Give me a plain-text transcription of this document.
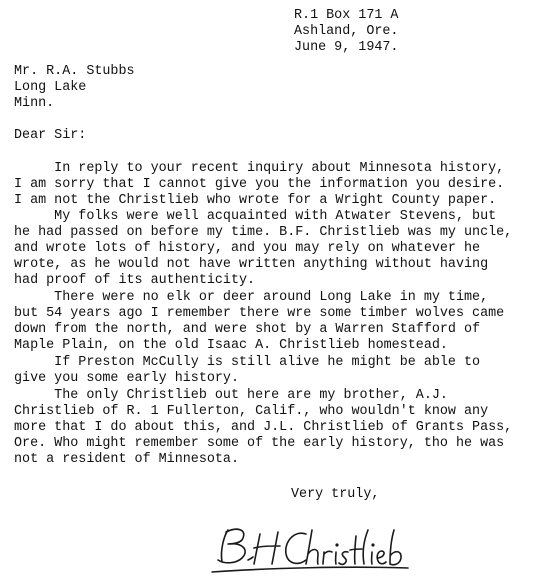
R.1 Box 171 A
Ashland, Ore.
June 9, 1947.
Mr. R.A. Stubbs
Long Lake
Minn.
Dear Sir:
In reply to your recent inquiry about Minnesota history,
I am sorry that I cannot give you the information you desire.
I am not the Christlieb who wrote for a Wright County paper.
My folks were well acquainted with Atwater Stevens, but
he had passed on before my time. B.F. Christlieb was my uncle,
and wrote lots of history, and you may rely on whatever he
wrote, as he would not have written anything without having
had proof of its authenticity.
There were no elk or deer around Long Lake in my time,
but 54 years ago I remember there wre some timber wolves came
down from the north, and were shot by a Warren Stafford of
Maple Plain, on the old Isaac A. Christlieb homestead.
If Preston McCully is still alive he might be able to
give you some early history.
The only Christlieb out here are my brother, A.J.
Christlieb of R. 1 Fullerton, Calif., who wouldn't know any
more that I do about this, and J.L. Christlieb of Grants Pass,
Ore. Who might remember some of the early history, tho he was
not a resident of Minnesota.
Very truly,
